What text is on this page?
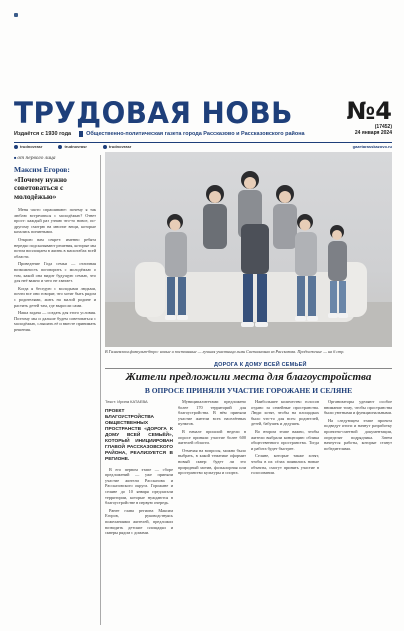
ТРУДОВАЯ НОВЬ №4
(17452)
24 января 2024
Издаётся с 1930 года	Общественно-политическая газета города Рассказово и Рассказовского района
trudnovrasr	trudnovrasr	trudnovrasr	gazetarasskazovo.ru
■ от первого лица
Максим Егоров:
«Почему нужно советоваться с молодёжью»

Меня часто спрашивают: почему я так люблю встречаться с молодёжью? Ответ прост: каждый раз узнаю что-то новое, по-другому смотрю на многие вещи, которые казались понятными.

Открою вам секрет: именно ребята нередко подсказывают решения, которые мы потом воплощаем в жизнь в масштабах всей области.

Проведение Года семьи — отличная возможность поговорить с молодёжью о том, какой она видит будущую семью, что для неё важно и чего не хватает.

Когда я беседую с молодыми людьми, почти все они говорят, что хотят быть рядом с родителями, жить на малой родине и растить детей там, где выросли сами.

Наша задача — создать для этого условия. Поэтому мы и дальше будем советоваться с молодёжью, слышать её и вместе принимать решения.

В Галяевском физкульт-бюро: новые и постоянные — лучшая участница гимн Светлановна из Рассказова. Продолжение — на 6 стр.
ДОРОГА К ДОМУ ВСЕЙ СЕМЬЕЙ
Жители предложили места для благоустройства
В ОПРОСЕ ПРИНЯЛИ УЧАСТИЕ ГОРОЖАНЕ И СЕЛЯНЕ
Текст: Ирина КАТАЕВА
ПРОЕКТ БЛАГОУСТРОЙСТВА ОБЩЕСТВЕННЫХ ПРОСТРАНСТВ «ДОРОГА К ДОМУ ВСЕЙ СЕМЬЁЙ», КОТОРЫЙ ИНИЦИИРОВАН ГЛАВОЙ РАССКАЗОВСКОГО РАЙОНА, РЕАЛИЗУЕТСЯ В РЕГИОНЕ.

В его первом этапе — сборе предложений — уже приняли участие жители Рассказова и Рассказовского округа. Горожане и селяне до 10 января предлагали территории, которые нуждаются в благоустройстве в первую очередь.

Ранее глава региона Максим Егоров, руководствуясь пожеланиями жителей, предложил возводить детские площадки и скверы рядом с домами.

Муниципалитетами предложено более 170 территорий для благоустройства. В нём приняли участие жители всех населённых пунктов.

В начале прошлой недели в опросе приняли участие более 600 жителей области.

Отмечая на вопросы, можно было выбрать, в какой тематике оформит новый сквер: будет ли это природный мотив, фольклорная или пространство культуры и спорта.

Наибольшее количество голосов отдано за семейные пространства. Люди хотят, чтобы на площадках было что-то для всех: родителей, детей, бабушек и дедушек.

Во втором этапе важно, чтобы жители выбрали концепцию облика общественного пространства. Тогда и работа будет быстрее.

Селяне, которые также хотят, чтобы в их сёлах появились новые объекты, смогут принять участие в голосовании.

Организаторы уделяют особое внимание тому, чтобы пространства были уютными и функциональными.

На следующем этапе проекта подведут итоги и начнут разработку проектно-сметной документации, определят подрядчика. Затем начнутся работы, которые станут победителями.
